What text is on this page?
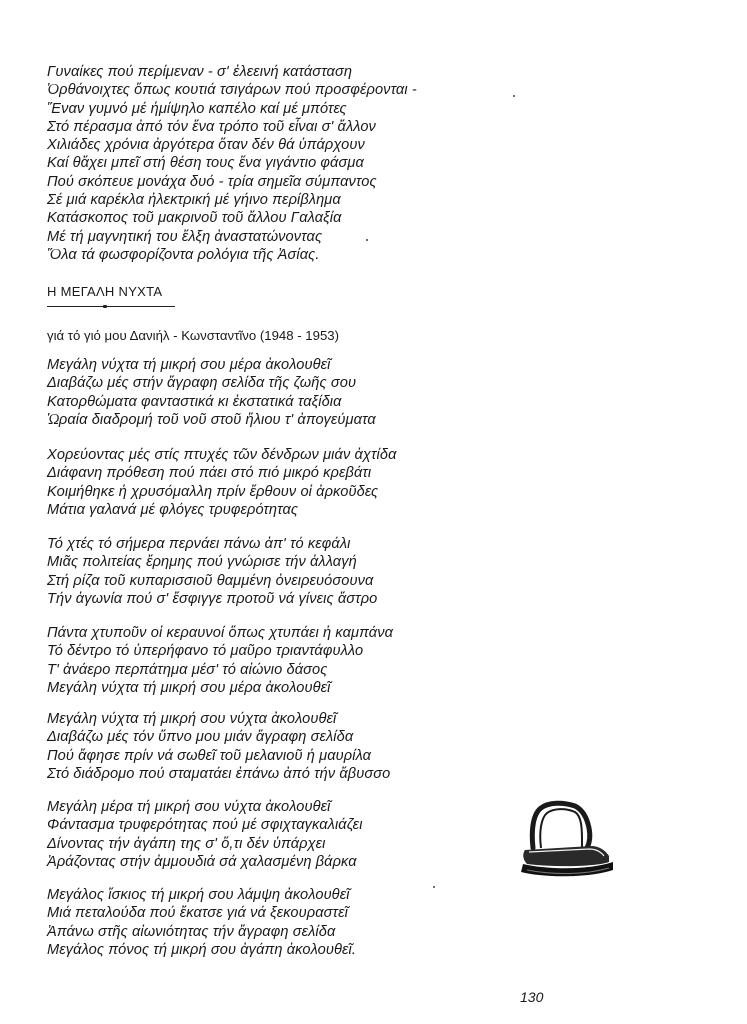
Γυναίκες πού περίμεναν - σ' ἐλεεινή κατάσταση
Ὀρθάνοιχτες ὅπως κουτιά τσιγάρων πού προσφέρονται -
Ἕναν γυμνό μέ ἡμίψηλο καπέλο καί μέ μπότες
Στό πέρασμα ἀπό τόν ἕνα τρόπο τοῦ εἶναι σ' ἄλλον
Χιλιάδες χρόνια ἀργότερα ὅταν δέν θά ὑπάρχουν
Καί θἄχει μπεῖ στή θέση τους ἕνα γιγάντιο φάσμα
Πού σκόπευε μονάχα δυό - τρία σημεῖα σύμπαντος
Σέ μιά καρέκλα ἠλεκτρική μέ γήινο περίβλημα
Κατάσκοπος τοῦ μακρινοῦ τοῦ ἄλλου Γαλαξία
Μέ τή μαγνητική του ἕλξη ἀναστατώνοντας
Ὅλα τά φωσφορίζοντα ρολόγια τῆς Ἀσίας.
Η ΜΕΓΑΛΗ ΝΥΧΤΑ
γιά τό γιό μου Δανιήλ - Κωνσταντῖνο (1948 - 1953)
Μεγάλη νύχτα τή μικρή σου μέρα ἀκολουθεῖ
Διαβάζω μές στήν ἄγραφη σελίδα τῆς ζωῆς σου
Κατορθώματα φανταστικά κι ἐκστατικά ταξίδια
Ὡραία διαδρομή τοῦ νοῦ στοῦ ἥλιου τ' ἀπογεύματα
Χορεύοντας μές στίς πτυχές τῶν δένδρων μιάν ἀχτίδα
Διάφανη πρόθεση πού πάει στό πιό μικρό κρεβάτι
Κοιμήθηκε ἡ χρυσόμαλλη πρίν ἔρθουν οἱ ἀρκοῦδες
Μάτια γαλανά μέ φλόγες τρυφερότητας
Τό χτές τό σήμερα περνάει πάνω ἀπ' τό κεφάλι
Μιᾶς πολιτείας ἔρημης πού γνώρισε τήν ἀλλαγή
Στή ρίζα τοῦ κυπαρισσιοῦ θαμμένη ὀνειρευόσουνα
Τήν ἀγωνία πού σ' ἔσφιγγε προτοῦ νά γίνεις ἄστρο
Πάντα χτυποῦν οἱ κεραυνοί ὅπως χτυπάει ἡ καμπάνα
Τό δέντρο τό ὑπερήφανο τό μαῦρο τριαντάφυλλο
Τ' ἀνάερο περπάτημα μέσ' τό αἰώνιο δάσος
Μεγάλη νύχτα τή μικρή σου μέρα ἀκολουθεῖ
Μεγάλη νύχτα τή μικρή σου νύχτα ἀκολουθεῖ
Διαβάζω μές τόν ὕπνο μου μιάν ἄγραφη σελίδα
Πού ἄφησε πρίν νά σωθεῖ τοῦ μελανιοῦ ἡ μαυρίλα
Στό διάδρομο πού σταματάει ἐπάνω ἀπό τήν ἄβυσσο
Μεγάλη μέρα τή μικρή σου νύχτα ἀκολουθεῖ
Φάντασμα τρυφερότητας πού μέ σφιχταγκαλιάζει
Δίνοντας τήν ἀγάπη της σ' ὅ,τι δέν ὑπάρχει
Ἀράζοντας στήν ἀμμουδιά σά χαλασμένη βάρκα
Μεγάλος ἴσκιος τή μικρή σου λάμψη ἀκολουθεῖ
Μιά πεταλούδα πού ἔκατσε γιά νά ξεκουραστεῖ
Ἀπάνω στῆς αἰωνιότητας τήν ἄγραφη σελίδα
Μεγάλος πόνος τή μικρή σου ἀγάπη ἀκολουθεῖ.
130
